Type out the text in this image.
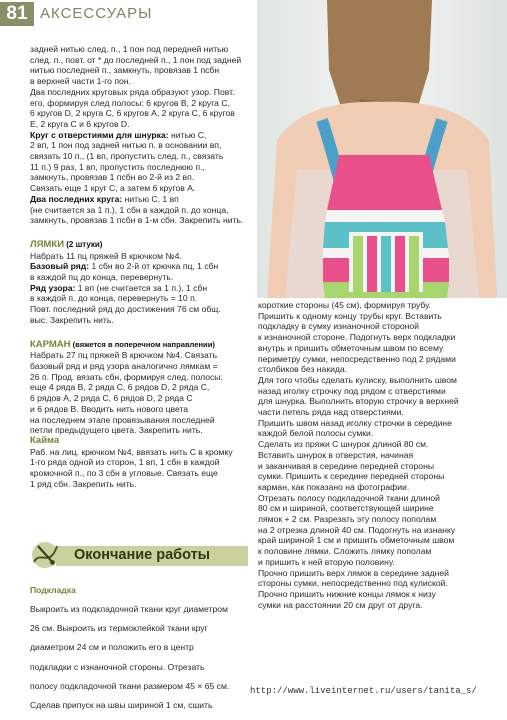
81 АКСЕССУАРЫ

задней нитью след. п., 1 пон под передней нитью

след. п., повт. от * до последней п., 1 пон под задней

нитью последней п., замкнуть, провязав 1 псбн

в верхней части 1-го пон.

Два последних круговых ряда образуют узор. Повт.

его, формируя след полосы: 6 кругов В, 2 круга С,

6 кругов D, 2 круга С, 6 кругов А, 2 круга С, 6 кругов

Е, 2 круга С и 6 кругов D.

Круг с отверстиями для шнурка: нитью С,

2 вп, 1 пон под задней нитью п. в основании вп,

связать 10 п., (1 вп, пропустить след. п., связать

11 п.) 9 раз, 1 вп, пропустить последнюю п.,

замкнуть, провязав 1 псбн во 2-й из 2 вп.

Связать еще 1 круг С, а затем 6 кругов А.

Два последних круга: нитью С, 1 вп

(не считается за 1 п.), 1 сбн в каждой п. до конца,

замкнуть, провязав 1 псбн в 1-м сбн. Закрепить нить.

ЛЯМКИ (2 штуки)

Набрать 11 пц пряжей В крючком №4.

Базовый ряд: 1 сбн во 2-й от крючка пц, 1 сбн

в каждой пц до конца, перевернуть.

Ряд узора: 1 вп (не считается за 1 п.), 1 сбн

в каждой п. до конца, перевернуть = 10 п.

Повт. последний ряд до достижения 76 см общ.

выс. Закрепить нить.

КАРМАН (вяжется в поперечном направлении)

Набрать 27 пц пряжей В крючком №4. Связать

базовый ряд и ряд узора аналогично лямкам =

26 п. Прод. вязать сбн, формируя след. полосы:

еще 4 ряда В, 2 ряда С, 6 рядов D, 2 ряда С,

6 рядов А, 2 ряда С, 6 рядов D, 2 ряда С

и 6 рядов В. Вводить нить нового цвета

на последнем этапе провязывания последней

петли предыдущего цвета. Закрепить нить.

Кайма

Раб. на лиц. крючком №4, ввязать нить С в кромку

1-го ряда одной из сторон, 1 вп, 1 сбн в каждой

кромочной п., по 3 сбн в угловые. Связать еще

1 ряд сбн. Закрепить нить.

Окончание работы

Подкладка

Выкроить из подкладочной ткани круг диаметром

26 см. Выкроить из термоклейкой ткани круг

диаметром 24 см и положить его в центр

подкладки с изнаночной стороны. Отрезать

полосу подкладочной ткани размером 45 × 65 см.

Сделав припуск на швы шириной 1 см, сшить

короткие стороны (45 см), формируя трубу.

Пришить к одному концу трубы круг. Вставить

подкладку в сумку изнаночной стороной

к изнаночной стороне. Подогнуть верх подкладки

внутрь и пришить обметочным швом по всему

периметру сумки, непосредственно под 2 рядами

столбиков без накида.

Для того чтобы сделать кулиску, выполнить швом

назад иголку строчку под рядом с отверстиями

для шнурка. Выполнить вторую строчку в верхней

части петель ряда над отверстиями.

Пришить швом назад иголку строчки в середине

каждой белой полосы сумки.

Сделать из пряжи С шнурок длиной 80 см.

Вставить шнурок в отверстия, начиная

и заканчивая в середине передней стороны

сумки. Пришить к середине передней стороны

карман, как показано на фотографии.

Отрезать полосу подкладочной ткани длиной

80 см и шириной, соответствующей ширине

лямок + 2 см. Разрезать эту полосу пополам

на 2 отрезка длиной 40 см. Подогнуть на изнанку

край шириной 1 см и пришить обметочным швом

к половине лямки. Сложить лямку пополам

и пришить к ней вторую половину.

Прочно пришить верх лямок в середине задней

стороны сумки, непосредственно под кулиской.

Прочно пришить нижние концы лямок к низу

сумки на расстоянии 20 см друг от друга.

http://www.liveinternet.ru/users/tanita_s/
